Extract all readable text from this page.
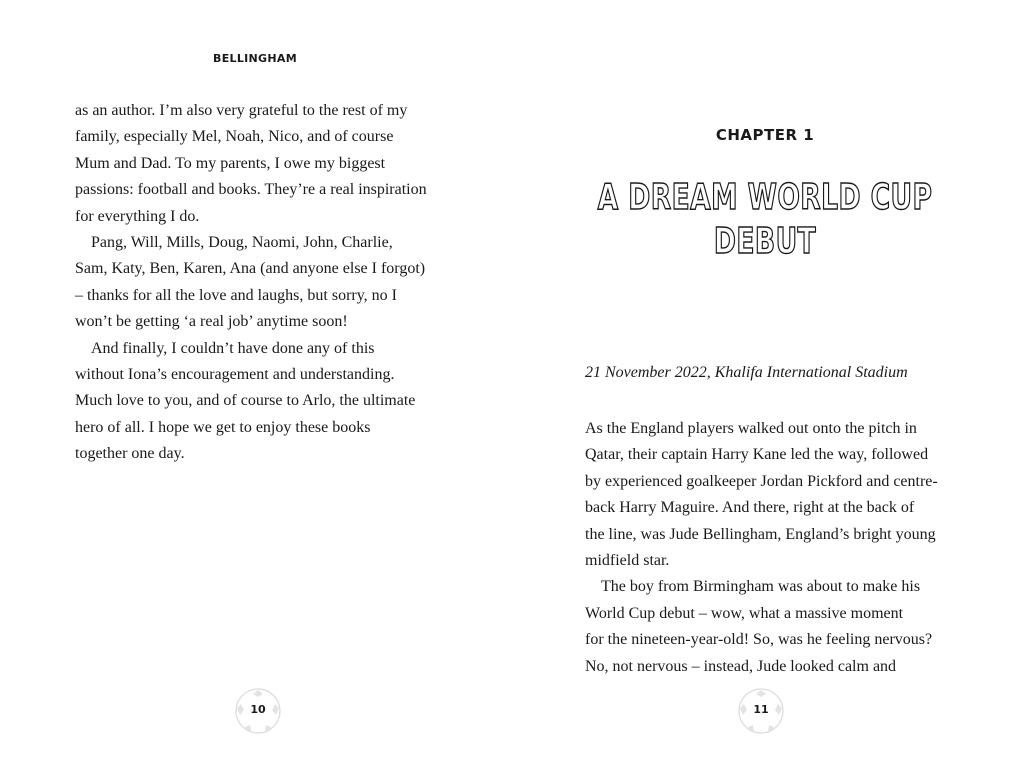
BELLINGHAM

as an author. I’m also very grateful to the rest of my

family, especially Mel, Noah, Nico, and of course

Mum and Dad. To my parents, I owe my biggest

passions: football and books. They’re a real inspiration

for everything I do.

Pang, Will, Mills, Doug, Naomi, John, Charlie,

Sam, Katy, Ben, Karen, Ana (and anyone else I forgot)

– thanks for all the love and laughs, but sorry, no I

won’t be getting ‘a real job’ anytime soon!

And finally, I couldn’t have done any of this

without Iona’s encouragement and understanding.

Much love to you, and of course to Arlo, the ultimate

hero of all. I hope we get to enjoy these books

together one day.

10
CHAPTER 1
A DREAM WORLD CUP
DEBUT
21 November 2022, Khalifa International Stadium

As the England players walked out onto the pitch in

Qatar, their captain Harry Kane led the way, followed

by experienced goalkeeper Jordan Pickford and centre-

back Harry Maguire. And there, right at the back of

the line, was Jude Bellingham, England’s bright young

midfield star.

The boy from Birmingham was about to make his

World Cup debut – wow, what a massive moment

for the nineteen-year-old! So, was he feeling nervous?

No, not nervous – instead, Jude looked calm and

11
